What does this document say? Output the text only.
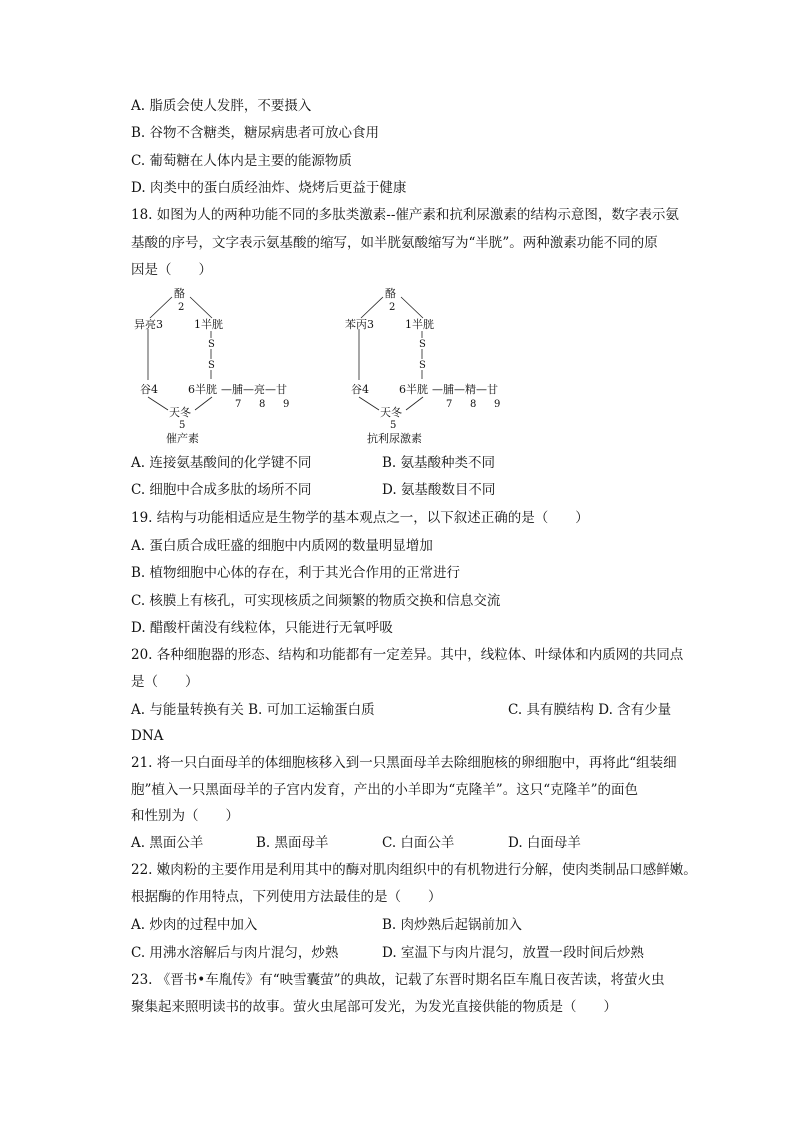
A. 脂质会使人发胖，不要摄入
B. 谷物不含糖类，糖尿病患者可放心食用
C. 葡萄糖在人体内是主要的能源物质
D. 肉类中的蛋白质经油炸、烧烤后更益于健康
18. 如图为人的两种功能不同的多肽类激素--催产素和抗利尿激素的结构示意图，数字表示氨
基酸的序号，文字表示氨基酸的缩写，如半胱氨酸缩写为“半胱”。两种激素功能不同的原
因是（　　）
酪
2
异亮3	1半胱
S
S
谷4	6半胱 —脯—亮—甘
7 8 9
天冬
5
催产素
酪
2
苯丙3	1半胱
S
S
谷4	6半胱 —脯—精—甘
7 8 9
天冬
5
抗利尿激素
A. 连接氨基酸间的化学键不同	B. 氨基酸种类不同
C. 细胞中合成多肽的场所不同	D. 氨基酸数目不同
19. 结构与功能相适应是生物学的基本观点之一，以下叙述正确的是（　　）
A. 蛋白质合成旺盛的细胞中内质网的数量明显增加
B. 植物细胞中心体的存在，利于其光合作用的正常进行
C. 核膜上有核孔，可实现核质之间频繁的物质交换和信息交流
D. 醋酸杆菌没有线粒体，只能进行无氧呼吸
20. 各种细胞器的形态、结构和功能都有一定差异。其中，线粒体、叶绿体和内质网的共同点
是（　　）
A. 与能量转换有关 B. 可加工运输蛋白质	C. 具有膜结构 D. 含有少量
DNA
21. 将一只白面母羊的体细胞核移入到一只黑面母羊去除细胞核的卵细胞中，再将此“组装细
胞”植入一只黑面母羊的子宫内发育，产出的小羊即为“克隆羊”。这只“克隆羊”的面色
和性别为（　　）
A. 黑面公羊	B. 黑面母羊	C. 白面公羊	D. 白面母羊
22. 嫩肉粉的主要作用是利用其中的酶对肌肉组织中的有机物进行分解，使肉类制品口感鲜嫩。
根据酶的作用特点，下列使用方法最佳的是（　　）
A. 炒肉的过程中加入	B. 肉炒熟后起锅前加入
C. 用沸水溶解后与肉片混匀，炒熟	D. 室温下与肉片混匀，放置一段时间后炒熟
23. 《晋书•车胤传》有“映雪囊萤”的典故，记载了东晋时期名臣车胤日夜苦读，将萤火虫
聚集起来照明读书的故事。萤火虫尾部可发光，为发光直接供能的物质是（　　）
